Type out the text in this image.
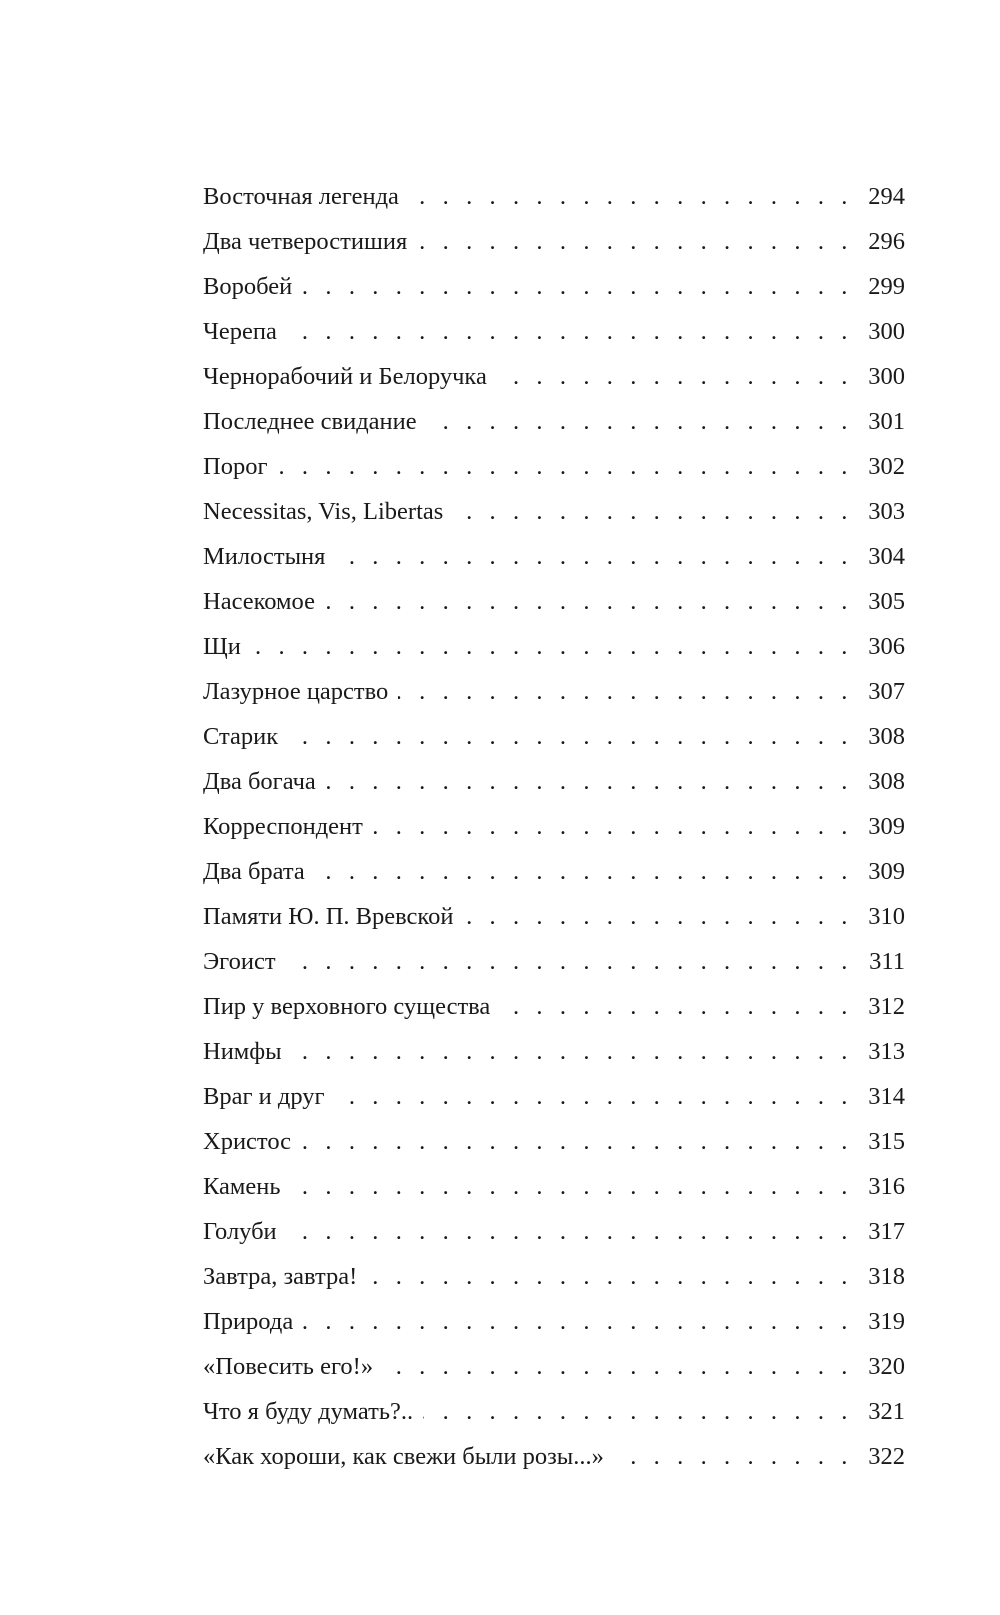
Восточная легенда . . .	294
Два четверостишия . . .	296
Воробей . . .	299
Черепа . . .	300
Чернорабочий и Белоручка . . .	300
Последнее свидание . . .	301
Порог . . .	302
Necessitas, Vis, Libertas . . .	303
Милостыня . . .	304
Насекомое . . .	305
Щи . . .	306
Лазурное царство . . .	307
Старик . . .	308
Два богача . . .	308
Корреспондент . . .	309
Два брата . . .	309
Памяти Ю. П. Вревской . . .	310
Эгоист . . .	311
Пир у верховного существа . . .	312
Нимфы . . .	313
Враг и друг . . .	314
Христос . . .	315
Камень . . .	316
Голуби . . .	317
Завтра, завтра! . . .	318
Природа . . .	319
«Повесить его!» . . .	320
Что я буду думать?.. . . .	321
«Как хороши, как свежи были розы...» . . .	322
